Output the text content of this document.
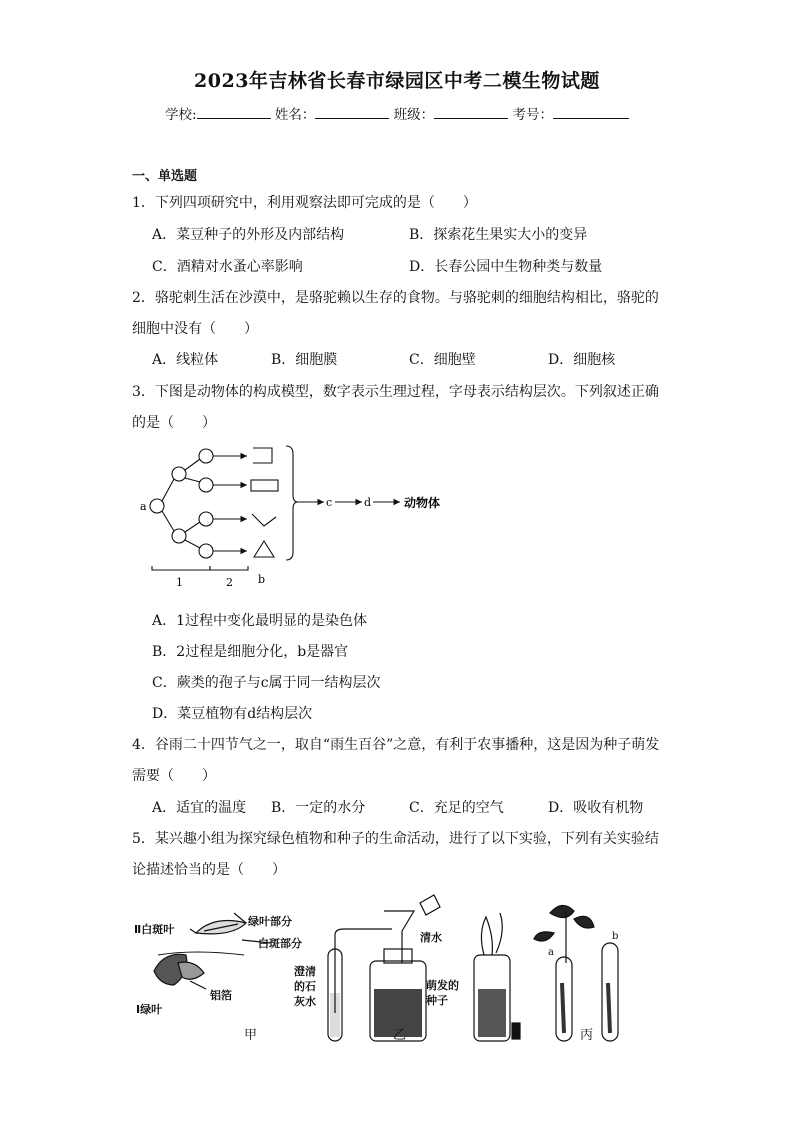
2023年吉林省长春市绿园区中考二模生物试题
学校:	姓名：	班级：	考号：
一、单选题
1．下列四项研究中，利用观察法即可完成的是（　　）
A．菜豆种子的外形及内部结构	B．探索花生果实大小的变异
C．酒精对水蚤心率影响	D．长春公园中生物种类与数量
2．骆驼刺生活在沙漠中，是骆驼赖以生存的食物。与骆驼刺的细胞结构相比，骆驼的
细胞中没有（　　）
A．线粒体	B．细胞膜	C．细胞壁	D．细胞核
3．下图是动物体的构成模型，数字表示生理过程，字母表示结构层次。下列叙述正确
的是（　　）
a	c	d	动物体
1	2 b
A．1过程中变化最明显的是染色体
B．2过程是细胞分化，b是器官
C．蕨类的孢子与c属于同一结构层次
D．菜豆植物有d结构层次
4．谷雨二十四节气之一，取自“雨生百谷”之意，有利于农事播种，这是因为种子萌发
需要（　　）
A．适宜的温度 B．一定的水分	C．充足的空气	D．吸收有机物
5．某兴趣小组为探究绿色植物和种子的生命活动，进行了以下实验，下列有关实验结
论描述恰当的是（　　）
Ⅱ白斑叶
绿叶部分
白斑部分
铝箔
Ⅰ绿叶
澄清
的石
灰水
清水
萌发的
种子
a
b
甲	乙	丙
